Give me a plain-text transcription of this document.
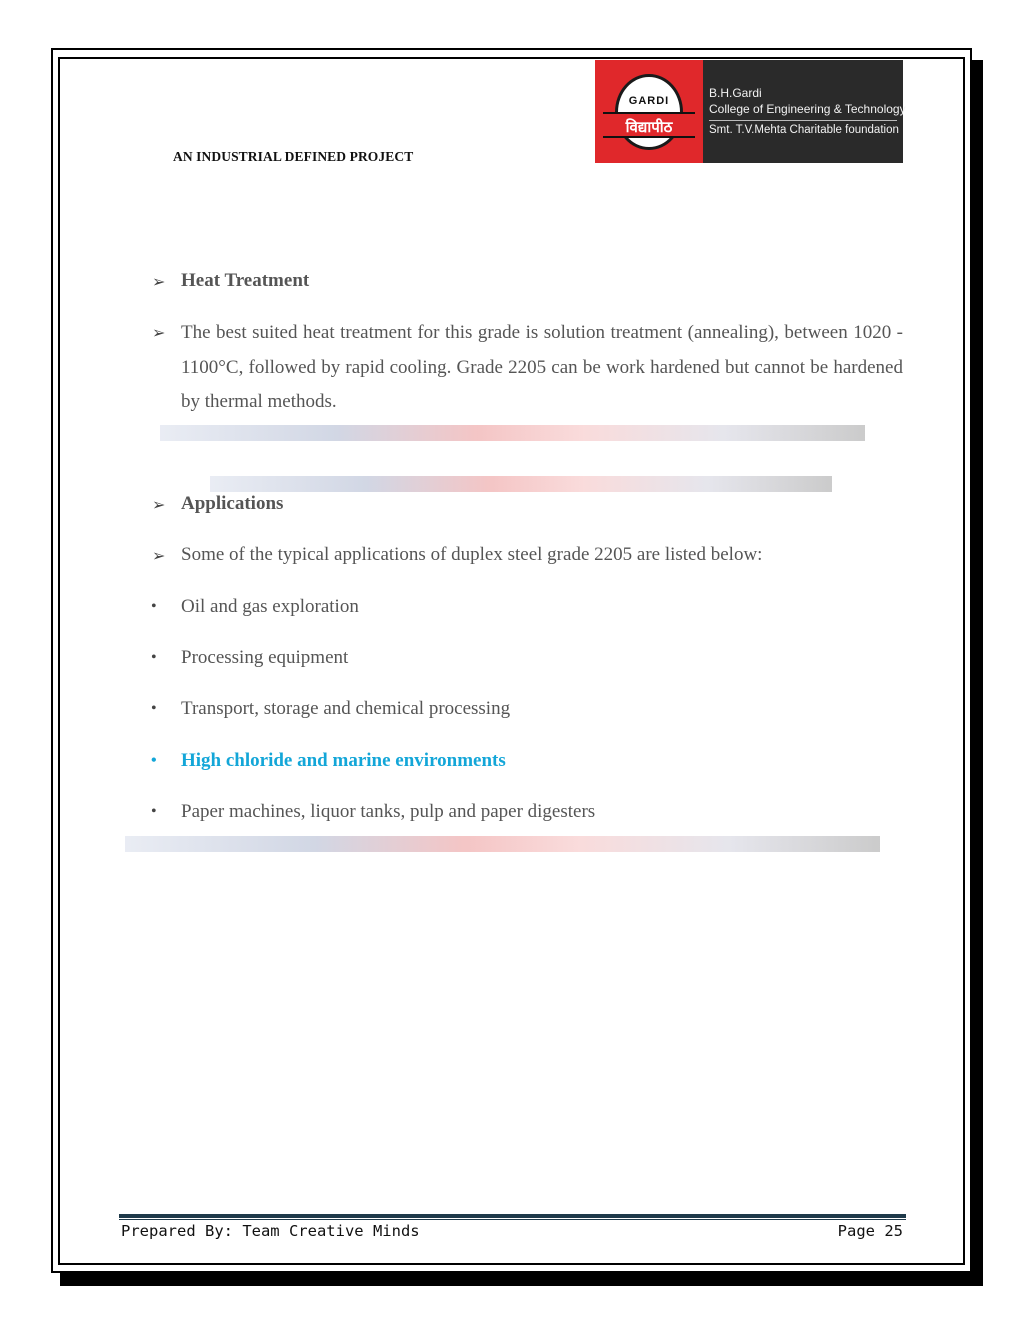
AN INDUSTRIAL DEFINED PROJECT
GARDI
विद्यापीठ
B.H.Gardi
College of Engineering & Technology
Smt. T.V.Mehta Charitable foundation
➢ Heat Treatment
➢ The best suited heat treatment for this grade is solution treatment (annealing), between 1020 - 1100°C, followed by rapid cooling. Grade 2205 can be work hardened but cannot be hardened by thermal methods.
➢ Applications
➢ Some of the typical applications of duplex steel grade 2205 are listed below:
• Oil and gas exploration
• Processing equipment
• Transport, storage and chemical processing
• High chloride and marine environments
• Paper machines, liquor tanks, pulp and paper digesters
Prepared By: Team Creative Minds	Page 25
